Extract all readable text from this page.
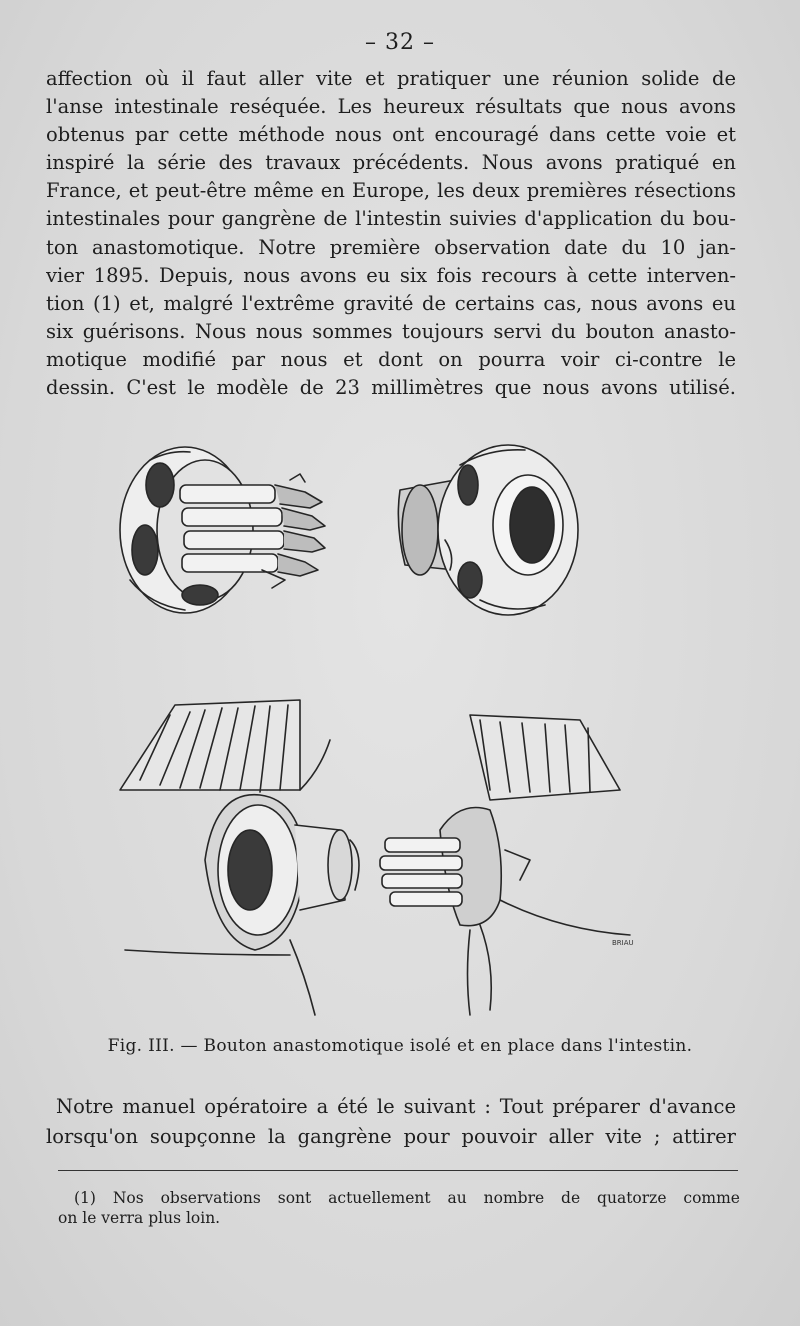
– 32 –
affection où il faut aller vite et pratiquer une réunion solide de
l'anse intestinale reséquée. Les heureux résultats que nous avons
obtenus par cette méthode nous ont encouragé dans cette voie et
inspiré la série des travaux précédents. Nous avons pratiqué en
France, et peut-être même en Europe, les deux premières résections
intestinales pour gangrène de l'intestin suivies d'application du bou-
ton anastomotique. Notre première observation date du 10 jan-
vier 1895. Depuis, nous avons eu six fois recours à cette interven-
tion (1) et, malgré l'extrême gravité de certains cas, nous avons eu
six guérisons. Nous nous sommes toujours servi du bouton anasto-
motique modifié par nous et dont on pourra voir ci-contre le
dessin. C'est le modèle de 23 millimètres que nous avons utilisé.
BRIAU
Fig. III. — Bouton anastomotique isolé et en place dans l'intestin.
Notre manuel opératoire a été le suivant : Tout préparer d'avance
lorsqu'on soupçonne la gangrène pour pouvoir aller vite ; attirer
(1) Nos observations sont actuellement au nombre de quatorze comme
on le verra plus loin.
